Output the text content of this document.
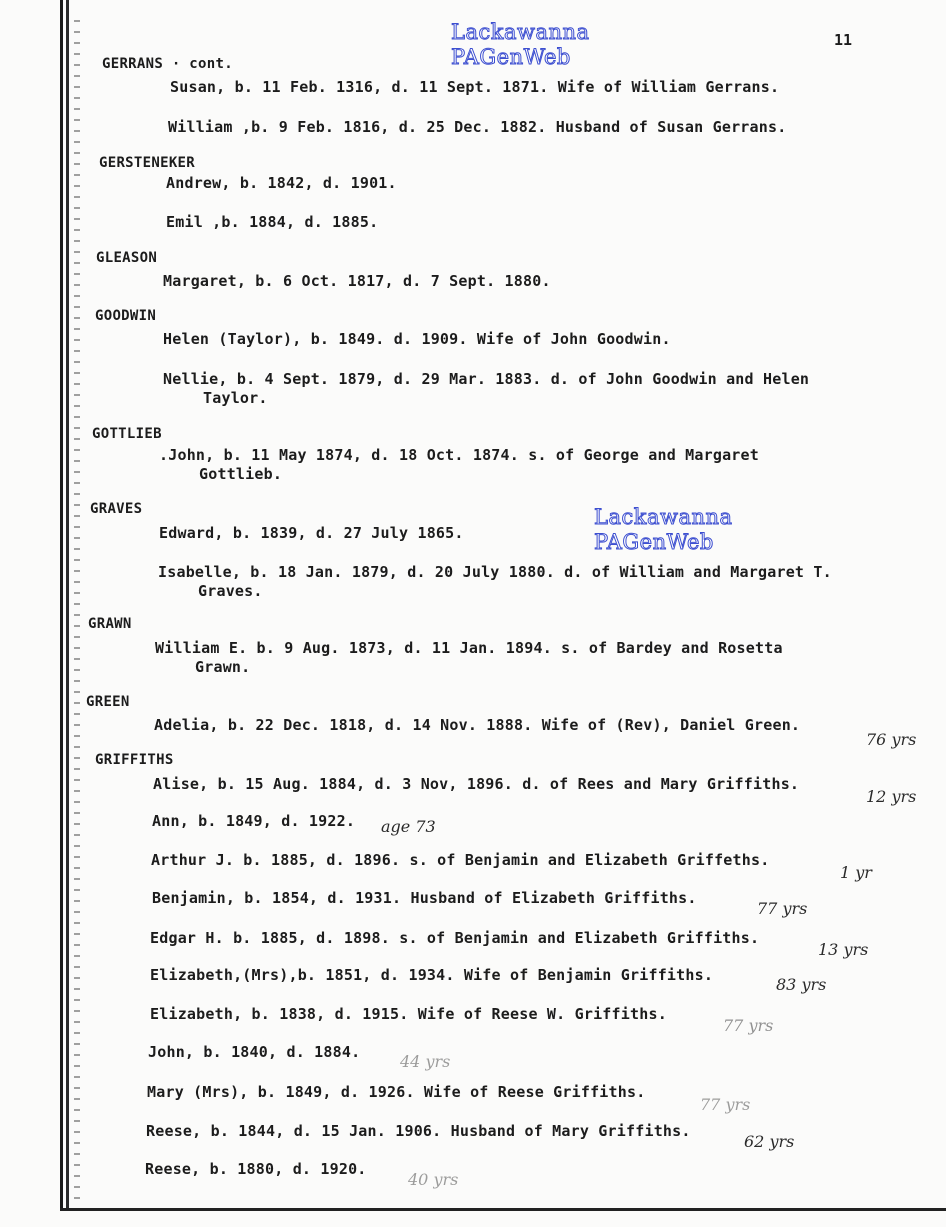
11
Lackawanna
PAGenWeb
Lackawanna
PAGenWeb
GERRANS · cont.
Susan, b. 11 Feb. 1316, d. 11 Sept. 1871. Wife of William Gerrans.
William ,b. 9 Feb. 1816, d. 25 Dec. 1882. Husband of Susan Gerrans.
GERSTENEKER
Andrew, b. 1842, d. 1901.
Emil ,b. 1884, d. 1885.
GLEASON
Margaret, b. 6 Oct. 1817, d. 7 Sept. 1880.
GOODWIN
Helen (Taylor), b. 1849. d. 1909. Wife of John Goodwin.
Nellie, b. 4 Sept. 1879, d. 29 Mar. 1883. d. of John Goodwin and Helen
Taylor.
GOTTLIEB
.John, b. 11 May 1874, d. 18 Oct. 1874. s. of George and Margaret
Gottlieb.
GRAVES
Edward, b. 1839, d. 27 July 1865.
Isabelle, b. 18 Jan. 1879, d. 20 July 1880. d. of William and Margaret T.
Graves.
GRAWN
William E. b. 9 Aug. 1873, d. 11 Jan. 1894. s. of Bardey and Rosetta
Grawn.
GREEN
Adelia, b. 22 Dec. 1818, d. 14 Nov. 1888. Wife of (Rev), Daniel Green.
76 yrs
GRIFFITHS
Alise, b. 15 Aug. 1884, d. 3 Nov, 1896. d. of Rees and Mary Griffiths.
12 yrs
Ann, b. 1849, d. 1922. age 73
Arthur J. b. 1885, d. 1896. s. of Benjamin and Elizabeth Griffeths.
1 yr
Benjamin, b. 1854, d. 1931. Husband of Elizabeth Griffiths.
77 yrs
Edgar H. b. 1885, d. 1898. s. of Benjamin and Elizabeth Griffiths.
13 yrs
Elizabeth,(Mrs),b. 1851, d. 1934. Wife of Benjamin Griffiths.	83 yrs
Elizabeth, b. 1838, d. 1915. Wife of Reese W. Griffiths.
77 yrs
John, b. 1840, d. 1884. 44 yrs
Mary (Mrs), b. 1849, d. 1926. Wife of Reese Griffiths.
77 yrs
Reese, b. 1844, d. 15 Jan. 1906. Husband of Mary Griffiths.
62 yrs
Reese, b. 1880, d. 1920.
40 yrs
